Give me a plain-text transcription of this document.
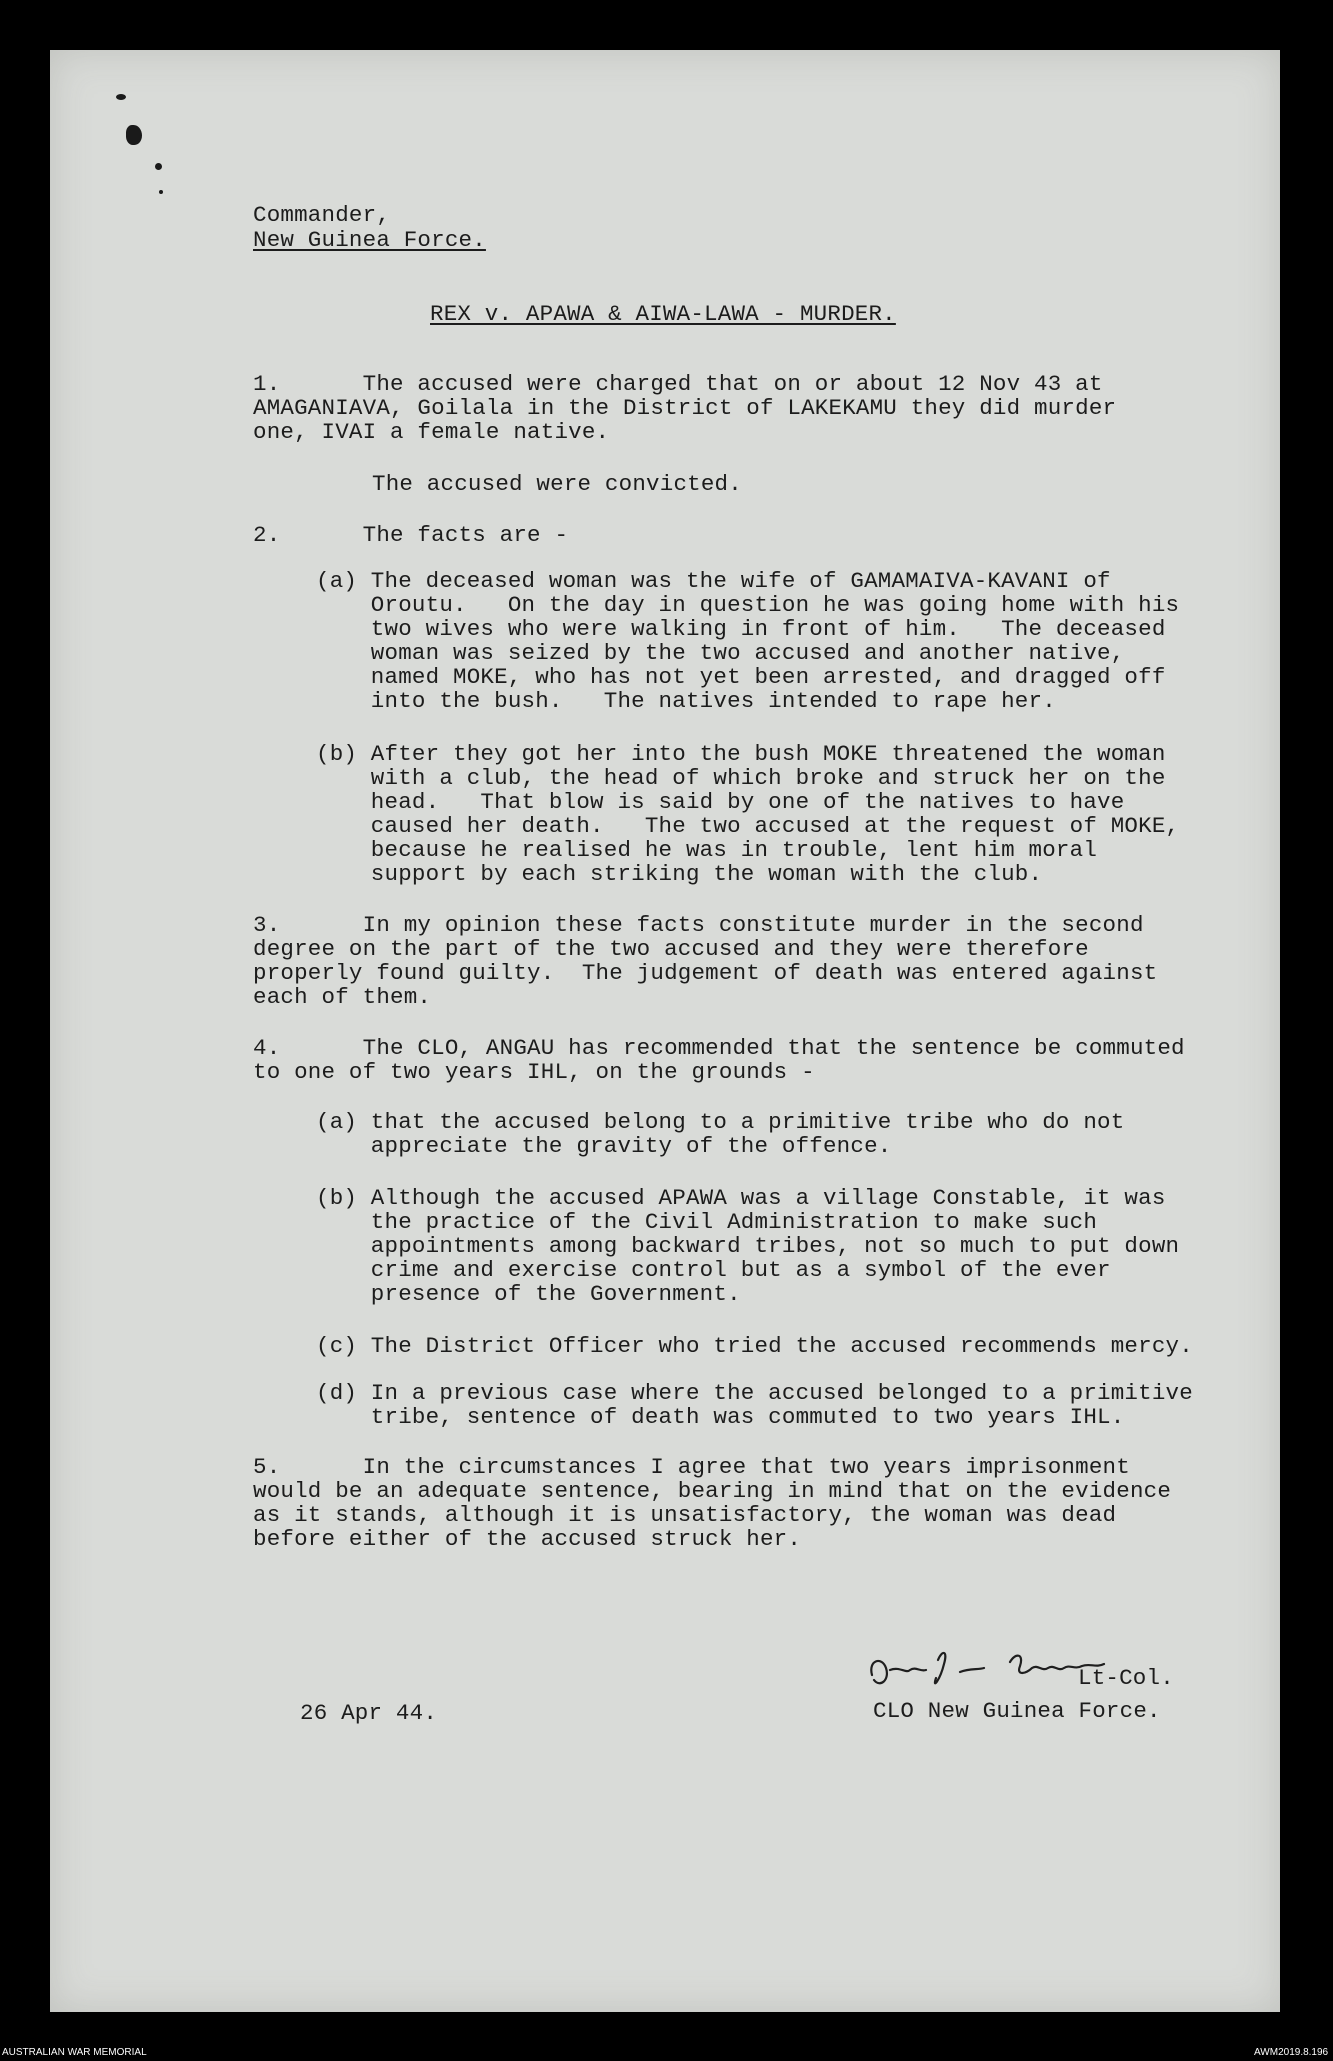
Commander,
New Guinea Force.
REX v. APAWA & AIWA-LAWA - MURDER.
1.      The accused were charged that on or about 12 Nov 43 at
AMAGANIAVA, Goilala in the District of LAKEKAMU they did murder
one, IVAI a female native.
The accused were convicted.
2.      The facts are -
(a) The deceased woman was the wife of GAMAMAIVA-KAVANI of
Oroutu.   On the day in question he was going home with his
two wives who were walking in front of him.   The deceased
woman was seized by the two accused and another native,
named MOKE, who has not yet been arrested, and dragged off
into the bush.   The natives intended to rape her.
(b) After they got her into the bush MOKE threatened the woman
with a club, the head of which broke and struck her on the
head.   That blow is said by one of the natives to have
caused her death.   The two accused at the request of MOKE,
because he realised he was in trouble, lent him moral
support by each striking the woman with the club.
3.      In my opinion these facts constitute murder in the second
degree on the part of the two accused and they were therefore
properly found guilty.  The judgement of death was entered against
each of them.
4.      The CLO, ANGAU has recommended that the sentence be commuted
to one of two years IHL, on the grounds -
(a) that the accused belong to a primitive tribe who do not
appreciate the gravity of the offence.
(b) Although the accused APAWA was a village Constable, it was
the practice of the Civil Administration to make such
appointments among backward tribes, not so much to put down
crime and exercise control but as a symbol of the ever
presence of the Government.
(c) The District Officer who tried the accused recommends mercy.
(d) In a previous case where the accused belonged to a primitive
tribe, sentence of death was commuted to two years IHL.
5.      In the circumstances I agree that two years imprisonment
would be an adequate sentence, bearing in mind that on the evidence
as it stands, although it is unsatisfactory, the woman was dead
before either of the accused struck her.
Lt-Col.
CLO New Guinea Force.
26 Apr 44.
AUSTRALIAN WAR MEMORIAL	AWM2019.8.196
